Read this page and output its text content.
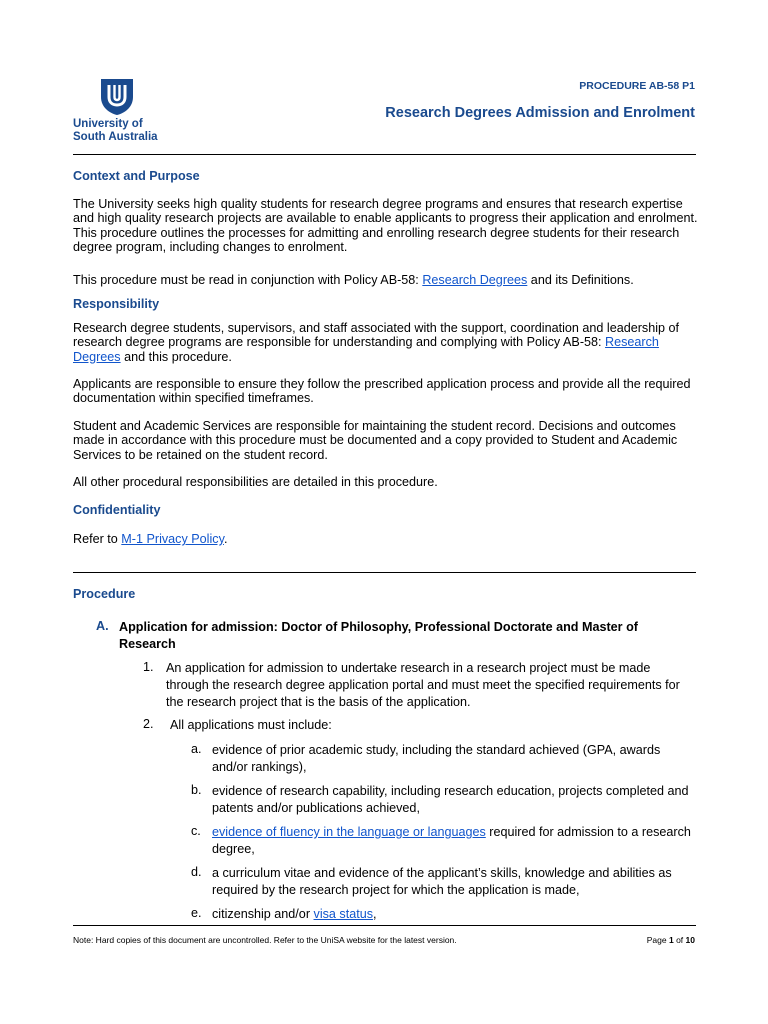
University of
South Australia
PROCEDURE AB-58 P1
Research Degrees Admission and Enrolment
Context and Purpose
The University seeks high quality students for research degree programs and ensures that research expertise and high quality research projects are available to enable applicants to progress their application and enrolment. This procedure outlines the processes for admitting and enrolling research degree students for their research degree program, including changes to enrolment.
This procedure must be read in conjunction with Policy AB-58: Research Degrees and its Definitions.
Responsibility
Research degree students, supervisors, and staff associated with the support, coordination and leadership of research degree programs are responsible for understanding and complying with Policy AB-58: Research Degrees and this procedure.
Applicants are responsible to ensure they follow the prescribed application process and provide all the required documentation within specified timeframes.
Student and Academic Services are responsible for maintaining the student record. Decisions and outcomes made in accordance with this procedure must be documented and a copy provided to Student and Academic Services to be retained on the student record.
All other procedural responsibilities are detailed in this procedure.
Confidentiality
Refer to M-1 Privacy Policy.
Procedure
A. Application for admission: Doctor of Philosophy, Professional Doctorate and Master of Research
1. An application for admission to undertake research in a research project must be made through the research degree application portal and must meet the specified requirements for the research project that is the basis of the application.
2. All applications must include:
a. evidence of prior academic study, including the standard achieved (GPA, awards and/or rankings),
b. evidence of research capability, including research education, projects completed and patents and/or publications achieved,
c. evidence of fluency in the language or languages required for admission to a research degree,
d. a curriculum vitae and evidence of the applicant’s skills, knowledge and abilities as required by the research project for which the application is made,
e. citizenship and/or visa status,
Note: Hard copies of this document are uncontrolled. Refer to the UniSA website for the latest version.	Page 1 of 10
